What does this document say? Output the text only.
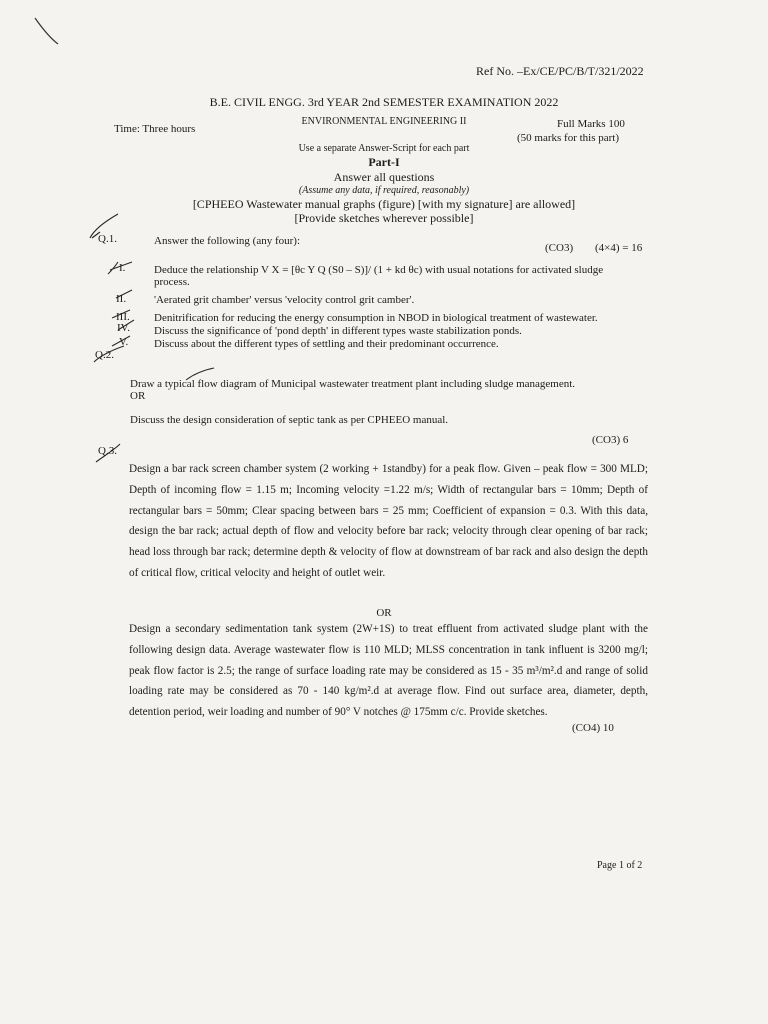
Ref No. –Ex/CE/PC/B/T/321/2022
B.E. CIVIL ENGG. 3rd YEAR 2nd SEMESTER EXAMINATION 2022
ENVIRONMENTAL ENGINEERING II
Time: Three hours	Full Marks 100
(50 marks for this part)
Use a separate Answer-Script for each part
Part-I
Answer all questions
(Assume any data, if required, reasonably)
[CPHEEO Wastewater manual graphs (figure) [with my signature] are allowed]
[Provide sketches wherever possible]
Q.1.	Answer the following (any four):
(CO3) (4×4) = 16
I.	Deduce the relationship V X = [θc Y Q (S0 – S)]/ (1 + kd θc) with usual notations for activated sludge
process.
II.	'Aerated grit chamber' versus 'velocity control grit camber'.
III. Denitrification for reducing the energy consumption in NBOD in biological treatment of wastewater.
IV. Discuss the significance of 'pond depth' in different types waste stabilization ponds.
V. Discuss about the different types of settling and their predominant occurrence.
Q.2.
Draw a typical flow diagram of Municipal wastewater treatment plant including sludge management.
OR
Discuss the design consideration of septic tank as per CPHEEO manual.
Q.3.
(CO3) 6
Design a bar rack screen chamber system (2 working + 1standby) for a peak flow. Given – peak flow = 300 MLD; Depth of incoming flow = 1.15 m; Incoming velocity =1.22 m/s; Width of rectangular bars = 10mm; Depth of rectangular bars = 50mm; Clear spacing between bars = 25 mm; Coefficient of expansion = 0.3. With this data, design the bar rack; actual depth of flow and velocity before bar rack; velocity through clear opening of bar rack; head loss through bar rack; determine depth & velocity of flow at downstream of bar rack and also design the depth of critical flow, critical velocity and height of outlet weir.
OR
Design a secondary sedimentation tank system (2W+1S) to treat effluent from activated sludge plant with the following design data. Average wastewater flow is 110 MLD; MLSS concentration in tank influent is 3200 mg/l; peak flow factor is 2.5; the range of surface loading rate may be considered as 15 - 35 m³/m².d and range of solid loading rate may be considered as 70 - 140 kg/m².d at average flow. Find out surface area, diameter, depth, detention period, weir loading and number of 90° V notches @ 175mm c/c. Provide sketches.
(CO4) 10
Page 1 of 2
